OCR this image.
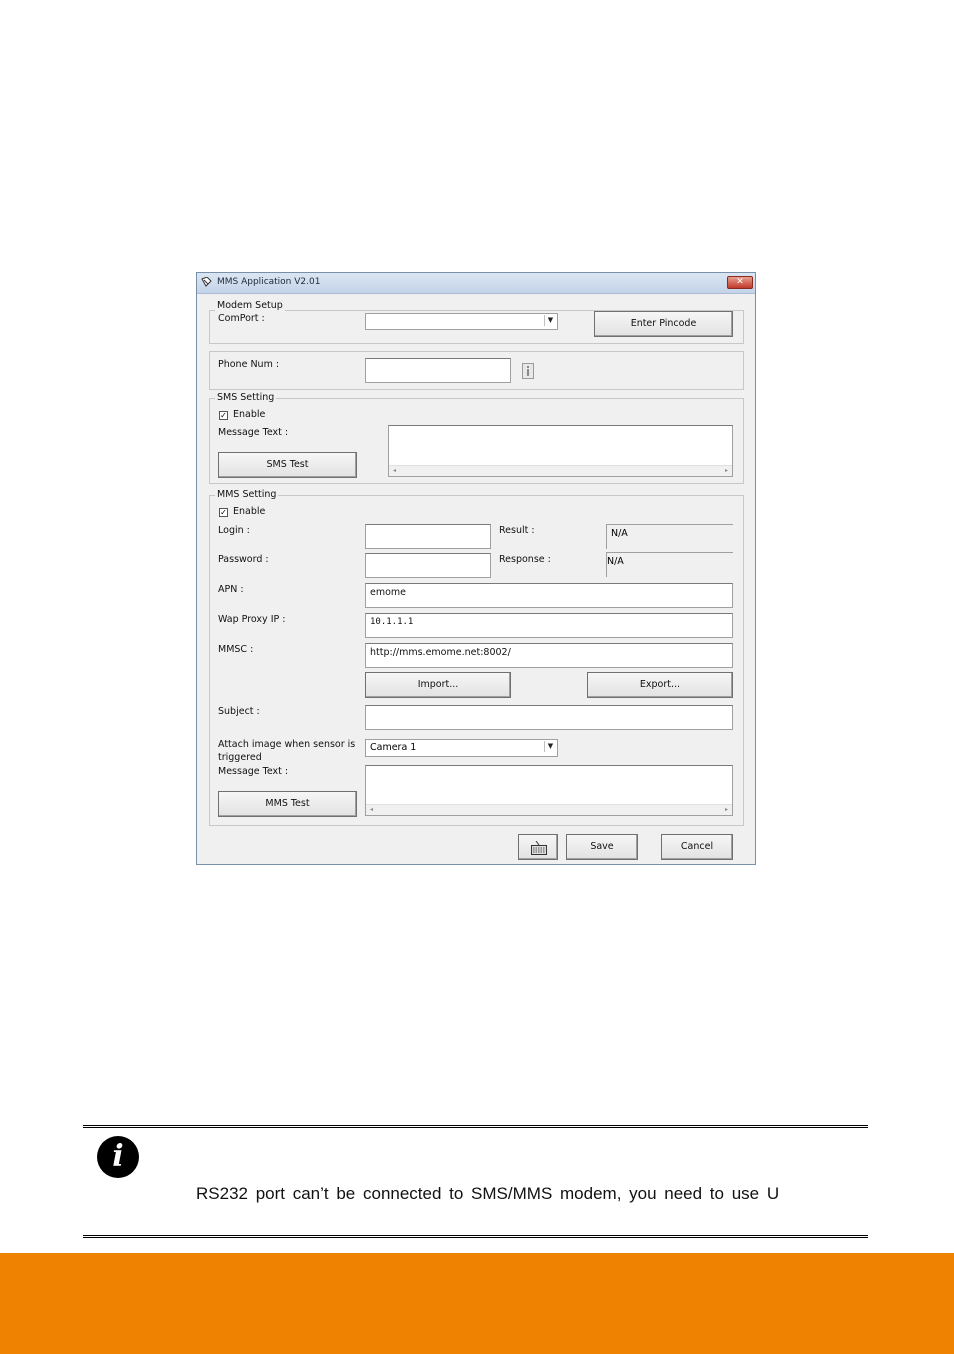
MMS Application V2.01	✕
Modem Setup
ComPort :	▼	Enter Pincode
Phone Num :
SMS Setting
✓ Enable
Message Text :
◂	▸
SMS Test
MMS Setting
✓ Enable
Login :	Result :	N/A
Password :	Response :	N/A
APN :	emome
Wap Proxy IP :	10.1.1.1
MMSC :	http://mms.emome.net:8002/
Import...	Export...
Subject :
Attach image when sensor is
triggered
Camera 1	▼
Message Text :
◂	▸
MMS Test
Save	Cancel
i
RS232 port can’t be connected to SMS/MMS modem, you need to use U
